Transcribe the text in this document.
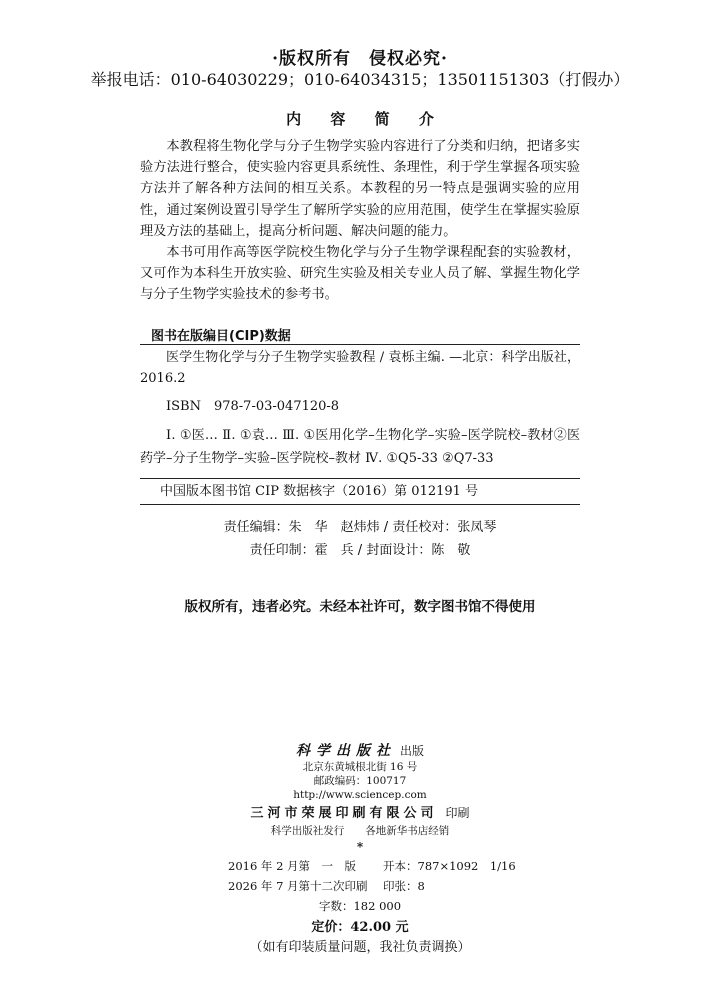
·版权所有　侵权必究·
举报电话：010-64030229；010-64034315；13501151303（打假办）
内 容 简 介

本教程将生物化学与分子生物学实验内容进行了分类和归纳，把诸多实验方法进行整合，使实验内容更具系统性、条理性，利于学生掌握各项实验方法并了解各种方法间的相互关系。本教程的另一特点是强调实验的应用性，通过案例设置引导学生了解所学实验的应用范围，使学生在掌握实验原理及方法的基础上，提高分析问题、解决问题的能力。

本书可用作高等医学院校生物化学与分子生物学课程配套的实验教材，又可作为本科生开放实验、研究生实验及相关专业人员了解、掌握生物化学与分子生物学实验技术的参考书。

图书在版编目(CIP)数据

医学生物化学与分子生物学实验教程 / 袁栎主编. —北京：科学出版社，2016.2

ISBN　978-7-03-047120-8

Ⅰ. ①医… Ⅱ. ①袁… Ⅲ. ①医用化学–生物化学–实验–医学院校–教材②医药学–分子生物学–实验–医学院校–教材 Ⅳ. ①Q5-33 ②Q7-33

中国版本图书馆 CIP 数据核字（2016）第 012191 号
责任编辑：朱　华　赵炜炜 / 责任校对：张凤琴
责任印制：霍　兵 / 封面设计：陈　敬
版权所有，违者必究。未经本社许可，数字图书馆不得使用
科学出版社 出版
北京东黄城根北街 16 号
邮政编码：100717
http://www.sciencep.com
三河市荣展印刷有限公司 印刷
科学出版社发行　　各地新华书店经销
*
2016 年 2 月第　一　版 开本：787×1092　1/16
2026 年 7 月第十二次印刷 印张：8
字数：182 000
定价：42.00 元
（如有印装质量问题，我社负责调换）
